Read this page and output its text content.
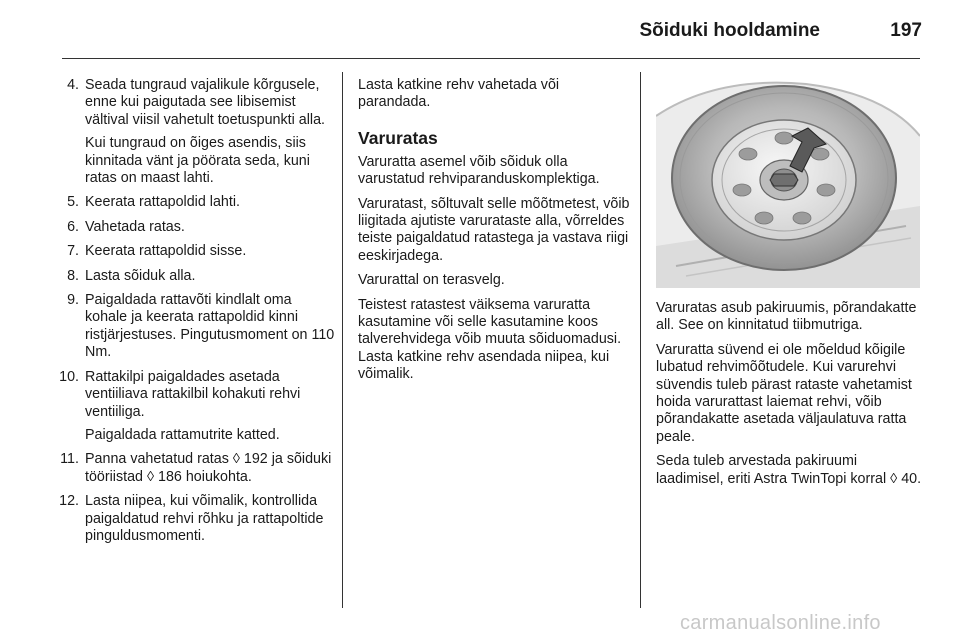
Sõiduki hooldamine	197
4. Seada tungraud vajalikule kõrgusele, enne kui paigutada see libisemist vältival viisil vahetult toetuspunkti alla.
Kui tungraud on õiges asendis, siis kinnitada vänt ja pöörata seda, kuni ratas on maast lahti.
5. Keerata rattapoldid lahti.
6. Vahetada ratas.
7. Keerata rattapoldid sisse.
8. Lasta sõiduk alla.
9. Paigaldada rattavõti kindlalt oma kohale ja keerata rattapoldid kinni ristjärjestuses. Pingutusmoment on 110 Nm.
10. Rattakilpi paigaldades asetada ventiiliava rattakilbil kohakuti rehvi ventiiliga.
Paigaldada rattamutrite katted.
11. Panna vahetatud ratas ◊ 192 ja sõiduki tööriistad ◊ 186 hoiukohta.
12. Lasta niipea, kui võimalik, kontrollida paigaldatud rehvi rõhku ja rattapoltide pinguldusmomenti.

Lasta katkine rehv vahetada või parandada.

Varuratas

Varuratta asemel võib sõiduk olla varustatud rehviparanduskomplektiga.

Varuratast, sõltuvalt selle mõõtmetest, võib liigitada ajutiste varurataste alla, võrreldes teiste paigaldatud ratastega ja vastava riigi eeskirjadega.

Varurattal on terasvelg.

Teistest ratastest väiksema varuratta kasutamine või selle kasutamine koos talverehvidega võib muuta sõiduomadusi. Lasta katkine rehv asendada niipea, kui võimalik.

Varuratas asub pakiruumis, põrandakatte all. See on kinnitatud tiibmutriga.

Varuratta süvend ei ole mõeldud kõigile lubatud rehvimõõtudele. Kui varurehvi süvendis tuleb pärast rataste vahetamist hoida varurattast laiemat rehvi, võib põrandakatte asetada väljaulatuva ratta peale.

Seda tuleb arvestada pakiruumi laadimisel, eriti Astra TwinTopi korral ◊ 40.

carmanualsonline.info
